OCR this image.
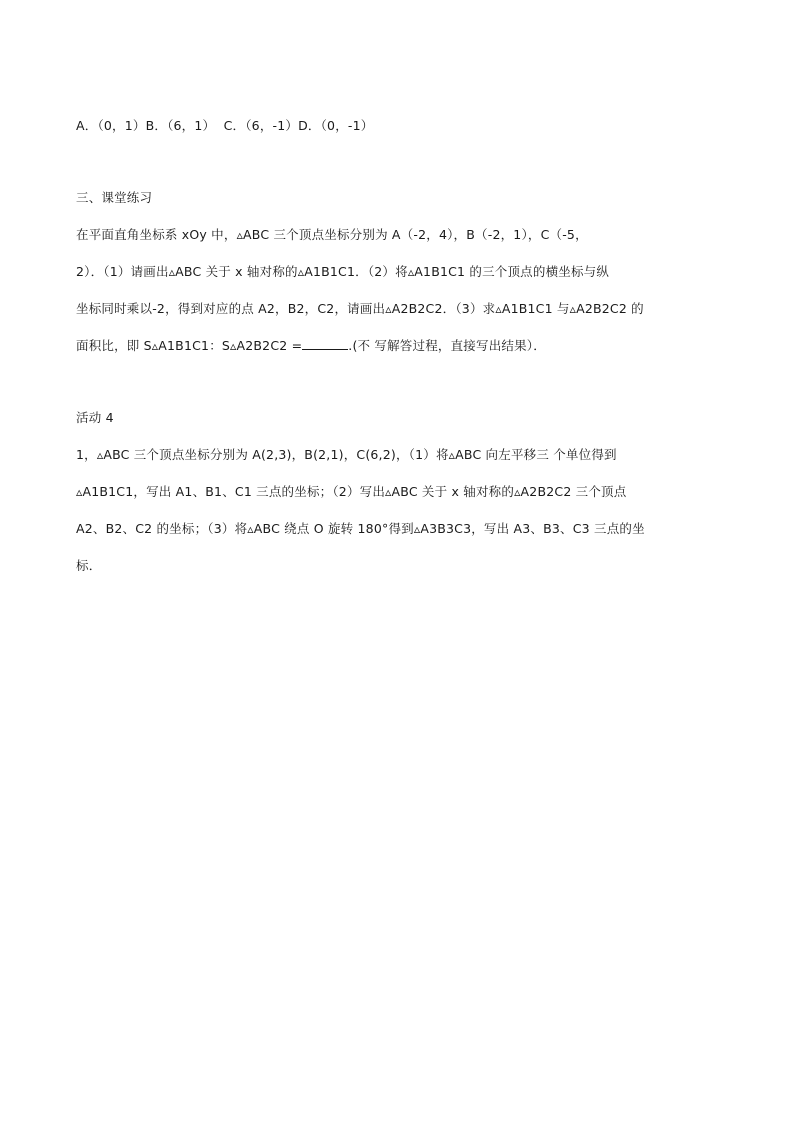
A．（0，1）B．（6，1）  C．（6，-1）D．（0，-1）
三、课堂练习
在平面直角坐标系 xOy 中，▵ABC 三个顶点坐标分别为 A（-2，4），B（-2，1），C（-5，
2）．（1）请画出▵ABC 关于 x 轴对称的▵A1B1C1．（2）将▵A1B1C1 的三个顶点的横坐标与纵
坐标同时乘以-2，得到对应的点 A2，B2，C2，请画出▵A2B2C2．（3）求▵A1B1C1 与▵A2B2C2 的
面积比，即 S▵A1B1C1：S▵A2B2C2 =	.(不 写解答过程，直接写出结果）．
活动 4
1，▵ABC 三个顶点坐标分别为 A(2,3)，B(2,1)，C(6,2)，（1）将▵ABC 向左平移三 个单位得到
▵A1B1C1，写出 A1、B1、C1 三点的坐标；（2）写出▵ABC 关于 x 轴对称的▵A2B2C2 三个顶点
A2、B2、C2 的坐标；（3）将▵ABC 绕点 O 旋转 180°得到▵A3B3C3，写出 A3、B3、C3 三点的坐
标．
